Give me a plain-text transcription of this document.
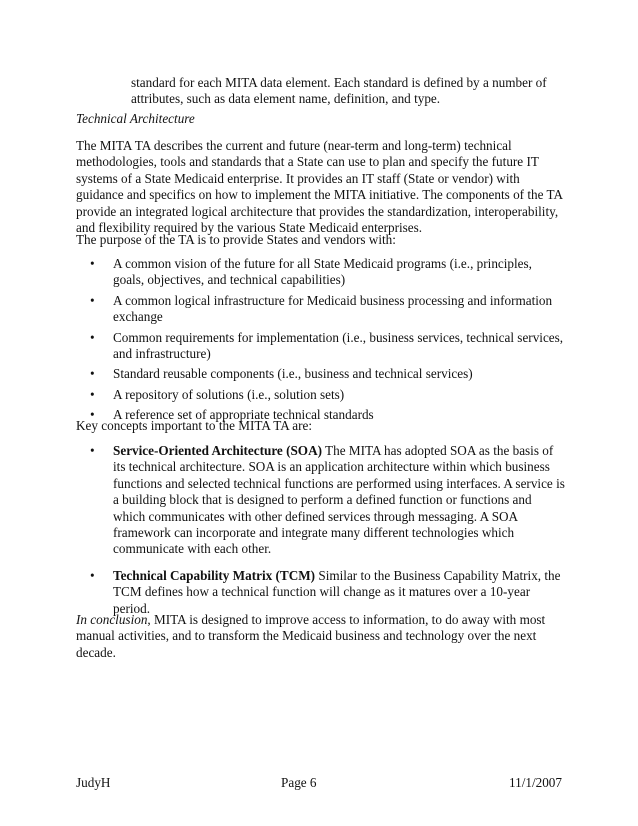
standard for each MITA data element. Each standard is defined by a number of attributes, such as data element name, definition, and type.

Technical Architecture

The MITA TA describes the current and future (near-term and long-term) technical methodologies, tools and standards that a State can use to plan and specify the future IT systems of a State Medicaid enterprise. It provides an IT staff (State or vendor) with guidance and specifics on how to implement the MITA initiative. The components of the TA provide an integrated logical architecture that provides the standardization, interoperability, and flexibility required by the various State Medicaid enterprises.

The purpose of the TA is to provide States and vendors with:

• A common vision of the future for all State Medicaid programs (i.e., principles, goals, objectives, and technical capabilities)
• A common logical infrastructure for Medicaid business processing and information exchange
• Common requirements for implementation (i.e., business services, technical services, and infrastructure)
• Standard reusable components (i.e., business and technical services)
• A repository of solutions (i.e., solution sets)
• A reference set of appropriate technical standards

Key concepts important to the MITA TA are:

• Service-Oriented Architecture (SOA) The MITA has adopted SOA as the basis of its technical architecture. SOA is an application architecture within which business functions and selected technical functions are performed using interfaces. A service is a building block that is designed to perform a defined function or functions and which communicates with other defined services through messaging. A SOA framework can incorporate and integrate many different technologies which communicate with each other.
• Technical Capability Matrix (TCM) Similar to the Business Capability Matrix, the TCM defines how a technical function will change as it matures over a 10-year period.

In conclusion, MITA is designed to improve access to information, to do away with most manual activities, and to transform the Medicaid business and technology over the next decade.

JudyH	Page 6	11/1/2007
